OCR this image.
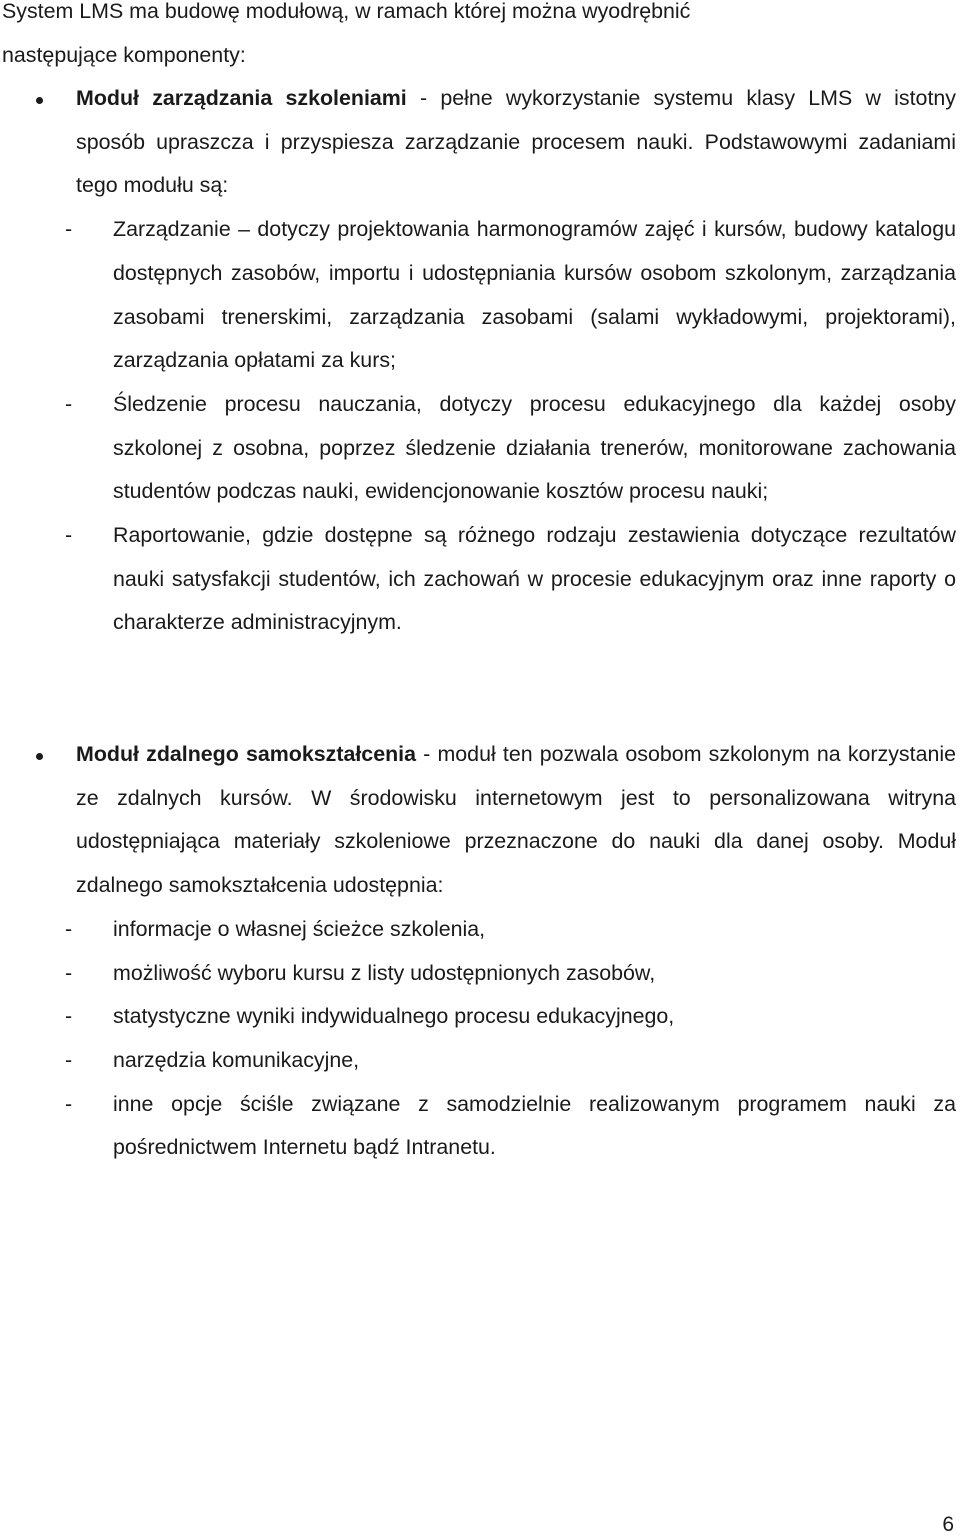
System LMS ma budowę modułową, w ramach której można wyodrębnić

następujące komponenty:

Moduł zarządzania szkoleniami - pełne wykorzystanie systemu klasy LMS w istotny sposób upraszcza i przyspiesza zarządzanie procesem nauki. Podstawowymi zadaniami tego modułu są:

- Zarządzanie – dotyczy projektowania harmonogramów zajęć i kursów, budowy katalogu dostępnych zasobów, importu i udostępniania kursów osobom szkolonym, zarządzania zasobami trenerskimi, zarządzania zasobami (salami wykładowymi, projektorami), zarządzania opłatami za kurs;

- Śledzenie procesu nauczania, dotyczy procesu edukacyjnego dla każdej osoby szkolonej z osobna, poprzez śledzenie działania trenerów, monitorowane zachowania studentów podczas nauki, ewidencjonowanie kosztów procesu nauki;

- Raportowanie, gdzie dostępne są różnego rodzaju zestawienia dotyczące rezultatów nauki satysfakcji studentów, ich zachowań w procesie edukacyjnym oraz inne raporty o charakterze administracyjnym.

Moduł zdalnego samokształcenia - moduł ten pozwala osobom szkolonym na korzystanie ze zdalnych kursów. W środowisku internetowym jest to personalizowana witryna udostępniająca materiały szkoleniowe przeznaczone do nauki dla danej osoby. Moduł zdalnego samokształcenia udostępnia:

- informacje o własnej ścieżce szkolenia,

- możliwość wyboru kursu z listy udostępnionych zasobów,

- statystyczne wyniki indywidualnego procesu edukacyjnego,

- narzędzia komunikacyjne,

- inne opcje ściśle związane z samodzielnie realizowanym programem nauki za pośrednictwem Internetu bądź Intranetu.

6
